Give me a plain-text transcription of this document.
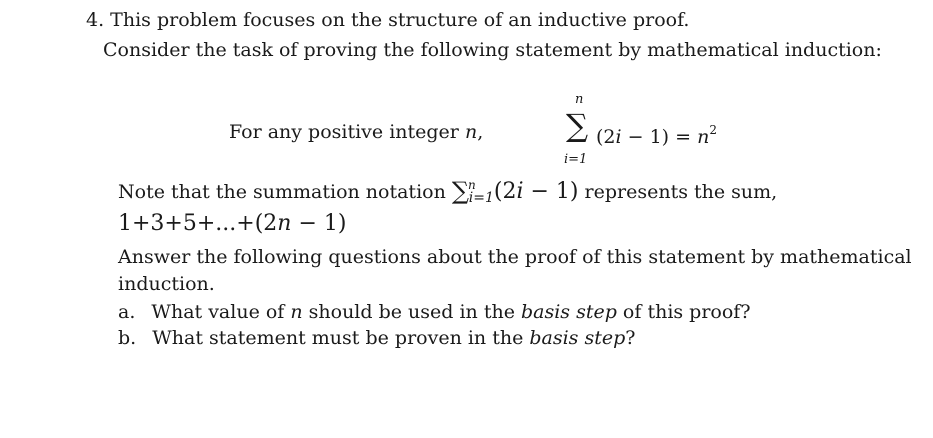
4. This problem focuses on the structure of an inductive proof.
Consider the task of proving the following statement by mathematical induction:
For any positive integer n,
n
∑
i=1
$(2i - 1) = n^2$
Note that the summation notation ∑$^n_{i=1}$(2i − 1) represents the sum,
1+3+5+...+(2n − 1)
Answer the following questions about the proof of this statement by mathematical
induction.
a. What value of n should be used in the basis step of this proof?
b. What statement must be proven in the basis step?
